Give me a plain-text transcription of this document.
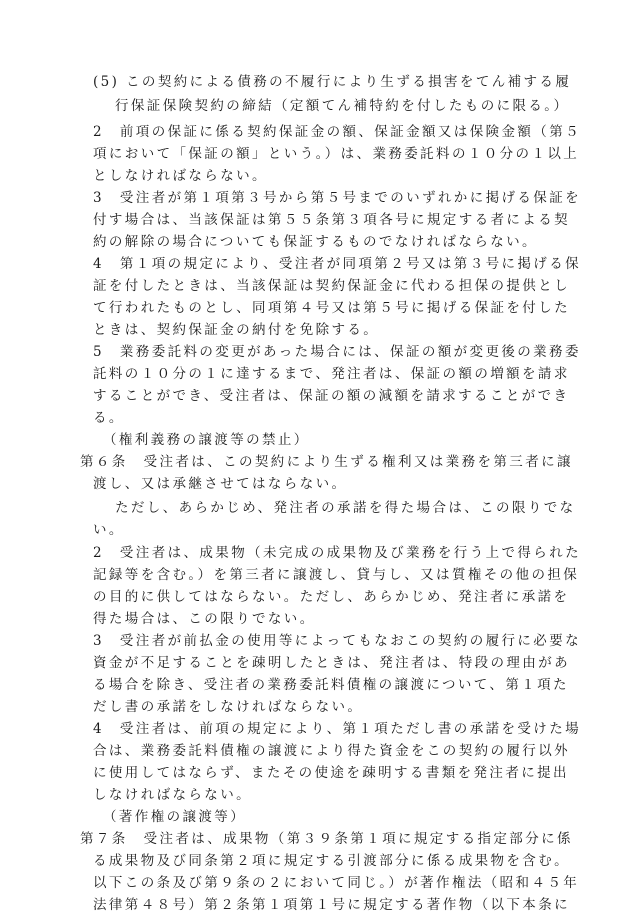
(5) この契約による債務の不履行により生ずる損害をてん補する履
行保証保険契約の締結（定額てん補特約を付したものに限る。）
2　前項の保証に係る契約保証金の額、保証金額又は保険金額（第５
項において「保証の額」という。）は、業務委託料の１０分の１以上
としなければならない。
3　受注者が第１項第３号から第５号までのいずれかに掲げる保証を
付す場合は、当該保証は第５５条第３項各号に規定する者による契
約の解除の場合についても保証するものでなければならない。
4　第１項の規定により、受注者が同項第２号又は第３号に掲げる保
証を付したときは、当該保証は契約保証金に代わる担保の提供とし
て行われたものとし、同項第４号又は第５号に掲げる保証を付した
ときは、契約保証金の納付を免除する。
5　業務委託料の変更があった場合には、保証の額が変更後の業務委
託料の１０分の１に達するまで、発注者は、保証の額の増額を請求
することができ、受注者は、保証の額の減額を請求することができ
る。
（権利義務の譲渡等の禁止）
第６条　受注者は、この契約により生ずる権利又は業務を第三者に譲
渡し、又は承継させてはならない。
ただし、あらかじめ、発注者の承諾を得た場合は、この限りでな
い。
2　受注者は、成果物（未完成の成果物及び業務を行う上で得られた
記録等を含む。）を第三者に譲渡し、貸与し、又は質権その他の担保
の目的に供してはならない。ただし、あらかじめ、発注者に承諾を
得た場合は、この限りでない。
3　受注者が前払金の使用等によってもなおこの契約の履行に必要な
資金が不足することを疎明したときは、発注者は、特段の理由があ
る場合を除き、受注者の業務委託料債権の譲渡について、第１項た
だし書の承諾をしなければならない。
4　受注者は、前項の規定により、第１項ただし書の承諾を受けた場
合は、業務委託料債権の譲渡により得た資金をこの契約の履行以外
に使用してはならず、またその使途を疎明する書類を発注者に提出
しなければならない。
（著作権の譲渡等）
第７条　受注者は、成果物（第３９条第１項に規定する指定部分に係
る成果物及び同条第２項に規定する引渡部分に係る成果物を含む。
以下この条及び第９条の２において同じ。）が著作権法（昭和４５年
法律第４８号）第２条第１項第１号に規定する著作物（以下本条に
